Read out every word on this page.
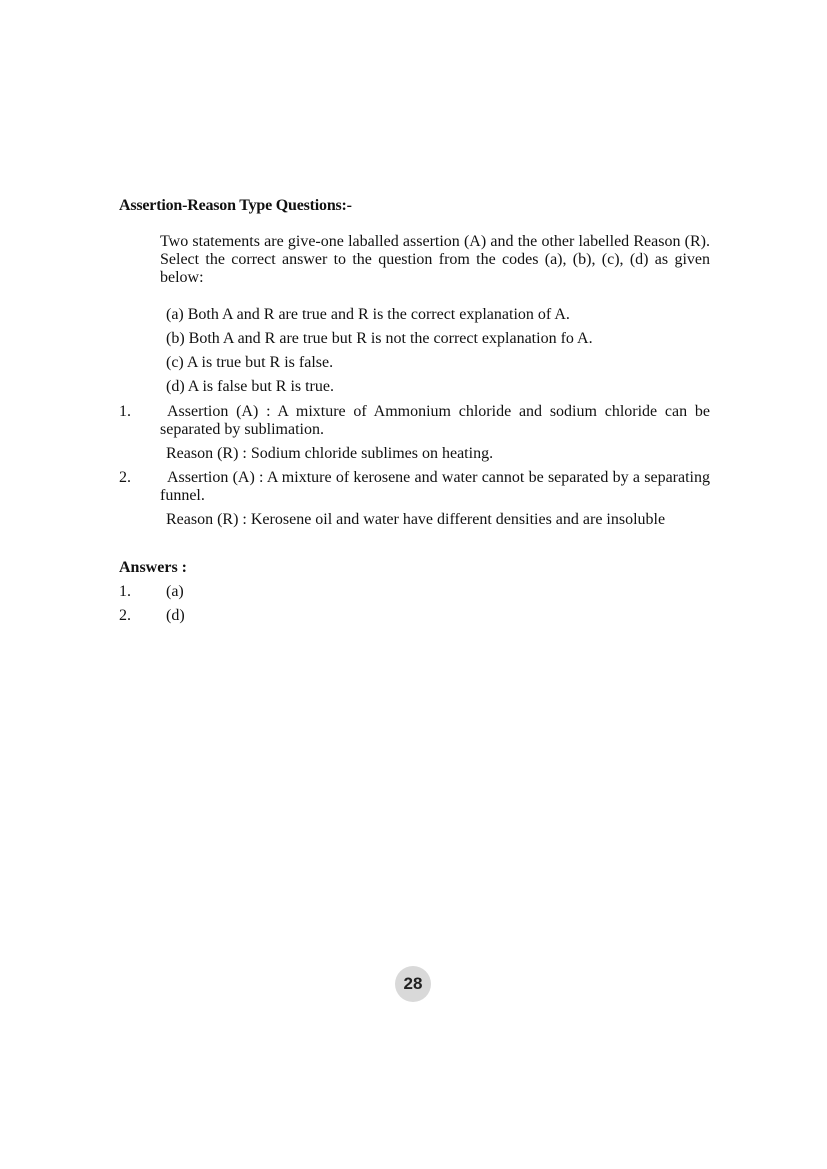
Assertion-Reason Type Questions:-
Two statements are give-one laballed assertion (A) and the other labelled Reason (R). Select the correct answer to the question from the codes (a), (b), (c), (d) as given below:
(a) Both A and R are true and R is the correct explanation of A.
(b) Both A and R are true but R is not the correct explanation fo A.
(c) A is true but R is false.
(d) A is false but R is true.
1.	Assertion (A) : A mixture of Ammonium chloride and sodium chloride can be separated by sublimation.
Reason (R) : Sodium chloride sublimes on heating.
2.	Assertion (A) : A mixture of kerosene and water cannot be separated by a separating funnel.
Reason (R) : Kerosene oil and water have different densities and are insoluble
Answers :
1. (a)
2. (d)
28
